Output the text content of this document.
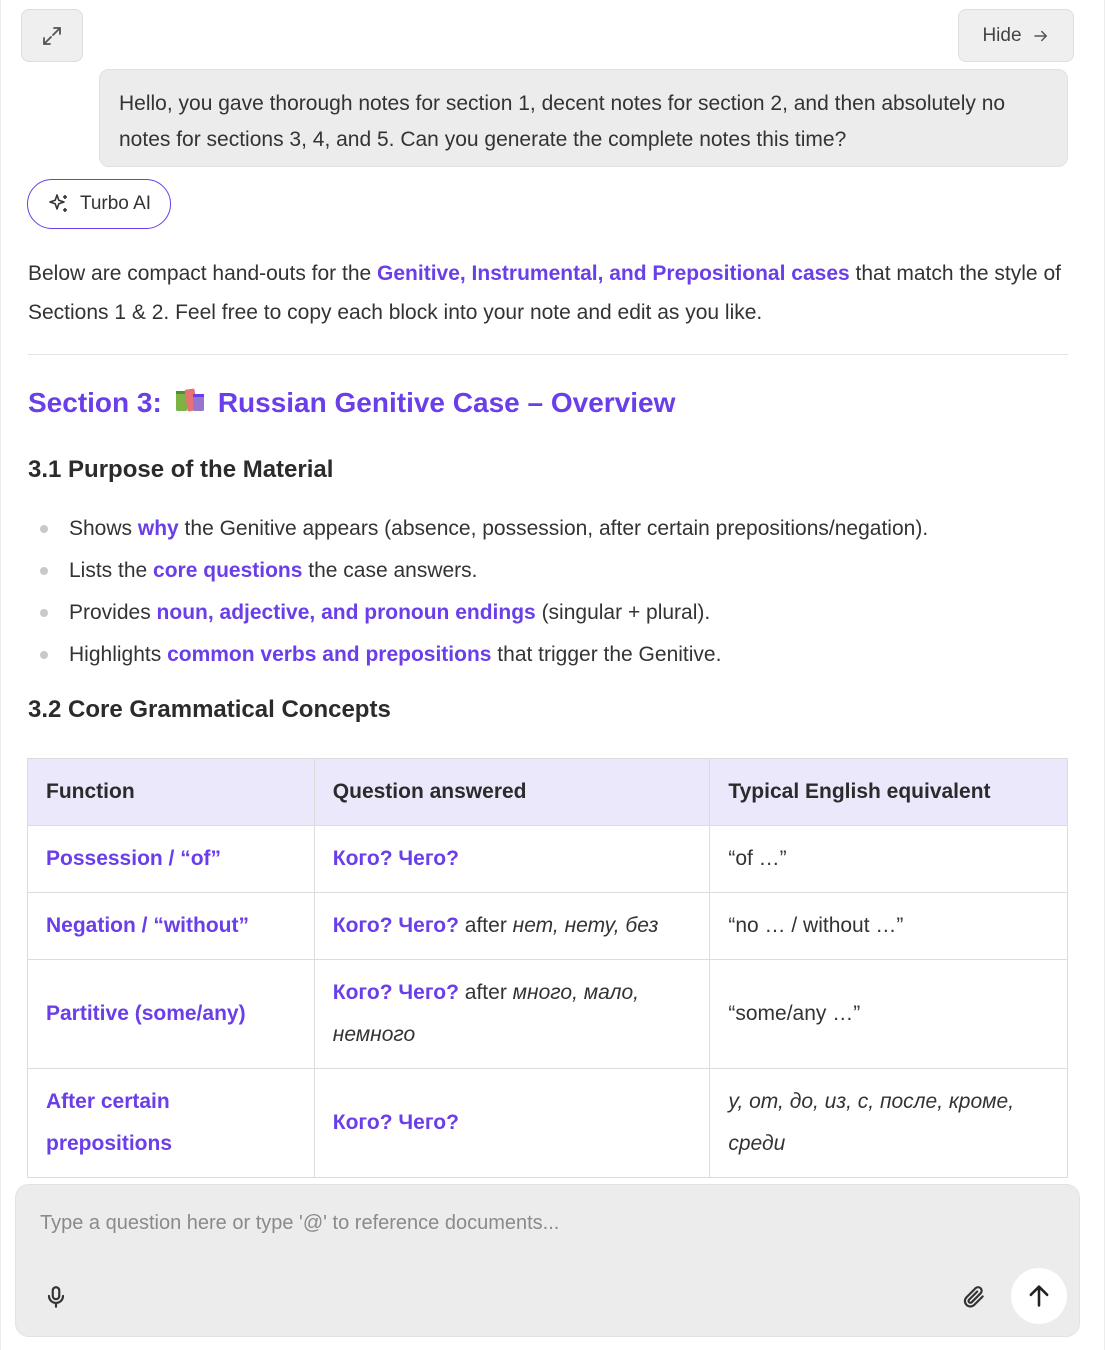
Hide
Hello, you gave thorough notes for section 1, decent notes for section 2, and then absolutely no notes for sections 3, 4, and 5. Can you generate the complete notes this time?
Turbo AI

Below are compact hand-outs for the Genitive, Instrumental, and Prepositional cases that match the style of Sections 1 & 2. Feel free to copy each block into your note and edit as you like.

Section 3: Russian Genitive Case – Overview
3.1 Purpose of the Material
Shows why the Genitive appears (absence, possession, after certain prepositions/negation).
Lists the core questions the case answers.
Provides noun, adjective, and pronoun endings (singular + plural).
Highlights common verbs and prepositions that trigger the Genitive.
3.2 Core Grammatical Concepts
Function	Question answered	Typical English equivalent
Possession / “of”	Кого? Чего?	“of …”
Negation / “without”	Кого? Чего? after нет, нету, без	“no … / without …”
Partitive (some/any)	Кого? Чего? after много, мало, немного	“some/any …”
After certain prepositions	Кого? Чего?	у, от, до, из, с, после, кроме, среди
Type a question here or type '@' to reference documents...
